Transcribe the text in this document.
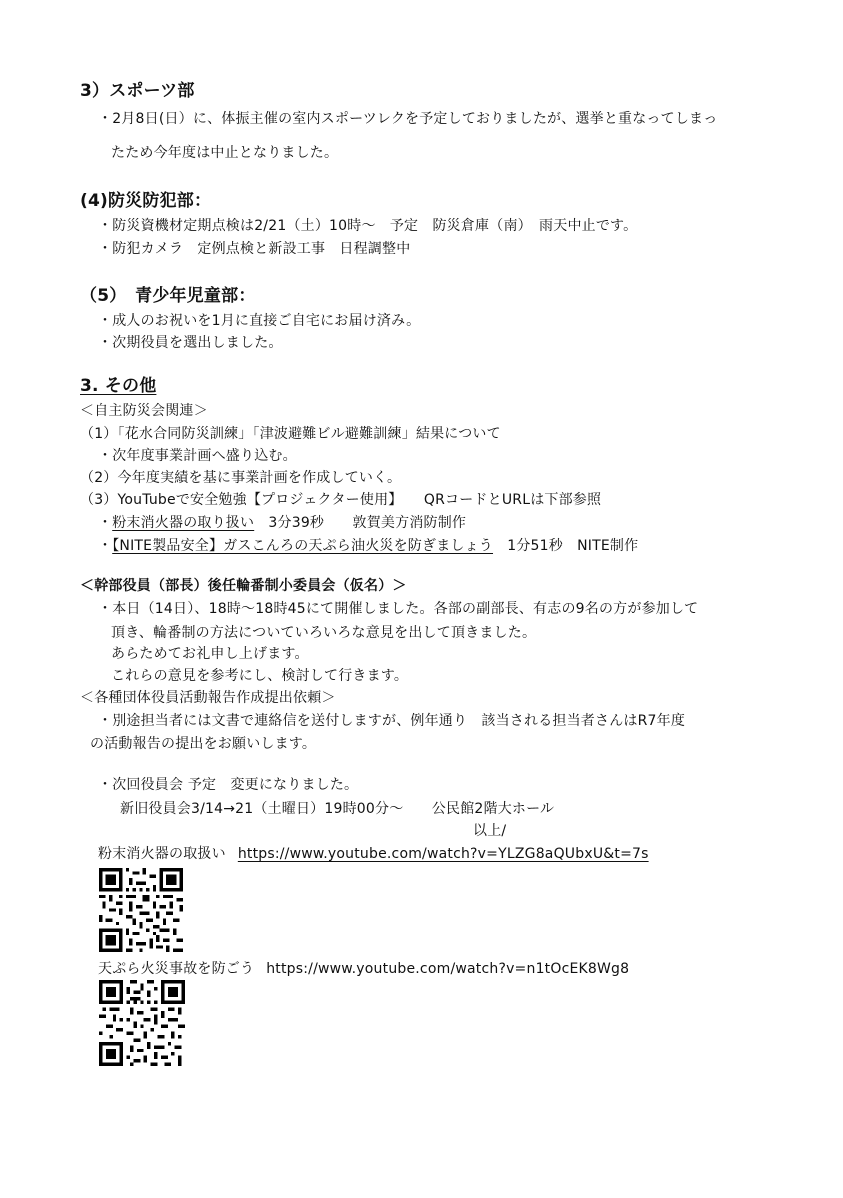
3）スポーツ部
・2月8日(日）に、体振主催の室内スポーツレクを予定しておりましたが、選挙と重なってしまっ
たため今年度は中止となりました。
(4)防災防犯部：
・防災資機材定期点検は2/21（土）10時～　予定　防災倉庫（南）　雨天中止です。
・防犯カメラ　定例点検と新設工事　日程調整中
（5）　青少年児童部：
・成人のお祝いを1月に直接ご自宅にお届け済み。
・次期役員を選出しました。
3. その他
＜自主防災会関連＞
（1）「花水合同防災訓練」「津波避難ビル避難訓練」結果について
・次年度事業計画へ盛り込む。
（2）今年度実績を基に事業計画を作成していく。
（3）YouTubeで安全勉強【プロジェクター使用】　　QRコードとURLは下部参照
・粉末消火器の取り扱い　3分39秒　　敦賀美方消防制作
・【NITE製品安全】ガスこんろの天ぷら油火災を防ぎましょう　1分51秒　NITE制作
＜幹部役員（部長）後任輪番制小委員会（仮名）＞
・本日（14日）、18時～18時45にて開催しました。各部の副部長、有志の9名の方が参加して
頂き、輪番制の方法についていろいろな意見を出して頂きました。
あらためてお礼申し上げます。
これらの意見を参考にし、検討して行きます。
＜各種団体役員活動報告作成提出依頼＞
・別途担当者には文書で連絡信を送付しますが、例年通り　該当される担当者さんはR7年度
の活動報告の提出をお願いします。
・次回役員会 予定　変更になりました。
新旧役員会3/14→21（土曜日）19時00分～　　公民館2階大ホール
以上/
粉末消火器の取扱い https://www.youtube.com/watch?v=YLZG8aQUbxU&t=7s
天ぷら火災事故を防ごう https://www.youtube.com/watch?v=n1tOcEK8Wg8
